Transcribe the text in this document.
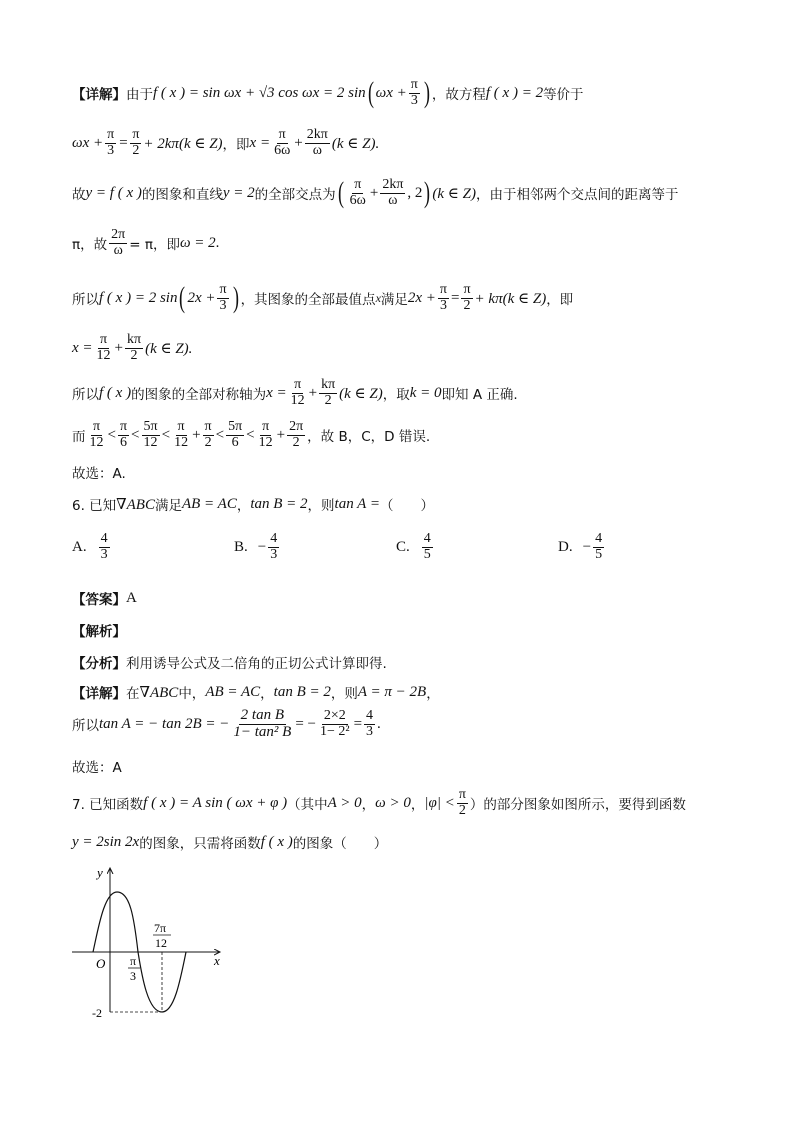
【详解】 由于 f ( x ) = sin ωx + √3 cos ωx = 2 sin ( $\omega x + \frac{\pi}{3}$ ) ，故方程 f ( x ) = 2 等价于
$\omega x + \frac{\pi}{3} = \frac{\pi}{2} + 2k\pi(k$ ∈ Z) ，即 $x = \frac{\pi}{6\omega} + \frac{2k\pi}{\omega} (k$ ∈ Z).
故 y = f ( x ) 的图象和直线 y = 2 的全部交点为 ( $\frac{\pi}{6\omega} + \frac{2k\pi}{\omega}$ , 2 ) (k ∈ Z) ，由于相邻两个交点间的距离等于
π，故 $\frac{2\pi}{\omega} = \pi$，即 ω = 2 .
所以 f ( x ) = 2 sin ( $2x + \frac{\pi}{3}$ ) ，其图象的全部最值点 x 满足 $2x + \frac{\pi}{3} = \frac{\pi}{2} + k\pi(k$ ∈ Z) ，即
$x = \frac{\pi}{12} + \frac{k\pi}{2} (k$ ∈ Z).
所以 f ( x ) 的图象的全部对称轴为 $x = \frac{\pi}{12} + \frac{k\pi}{2} (k$ ∈ Z) ，取 k = 0 即知 A 正确.
而 $\frac{\pi}{12} < \frac{\pi}{6} < \frac{5\pi}{12} < \frac{\pi}{12} + \frac{\pi}{2} < \frac{5\pi}{6} < \frac{\pi}{12} + \frac{2\pi}{2}$ ，故 B，C，D 错误.
故选：A.
6. 已知 ∇ABC 满足 AB = AC ， tan B = 2 ，则 tan A = （　　）
A. $\frac{4}{3}$	B. − $\frac{4}{3}$	C. $\frac{4}{5}$	D. − $\frac{4}{5}$
【答案】 A
【解析】
【分析】 利用诱导公式及二倍角的正切公式计算即得.
【详解】 在 ∇ABC 中， AB = AC ， tan B = 2 ，则 A = π − 2B ，
所以 tan A = − tan 2B = − $\frac{\text{2 tan B}}{\text{1− tan² B}}$ = − $\frac{2\times 2}{\text{1− 2²}} = \frac{4}{3}$ .
故选：A
7. 已知函数 f ( x ) = A sin ( ωx + φ ) （其中 A > 0 ， ω > 0 ， $|\varphi| < \frac{\pi}{2}$ ）的部分图象如图所示，要得到函数
y = 2sin 2x 的图象，只需将函数 f ( x ) 的图象（　　）
y
x
O π
3
7π
12
-2
